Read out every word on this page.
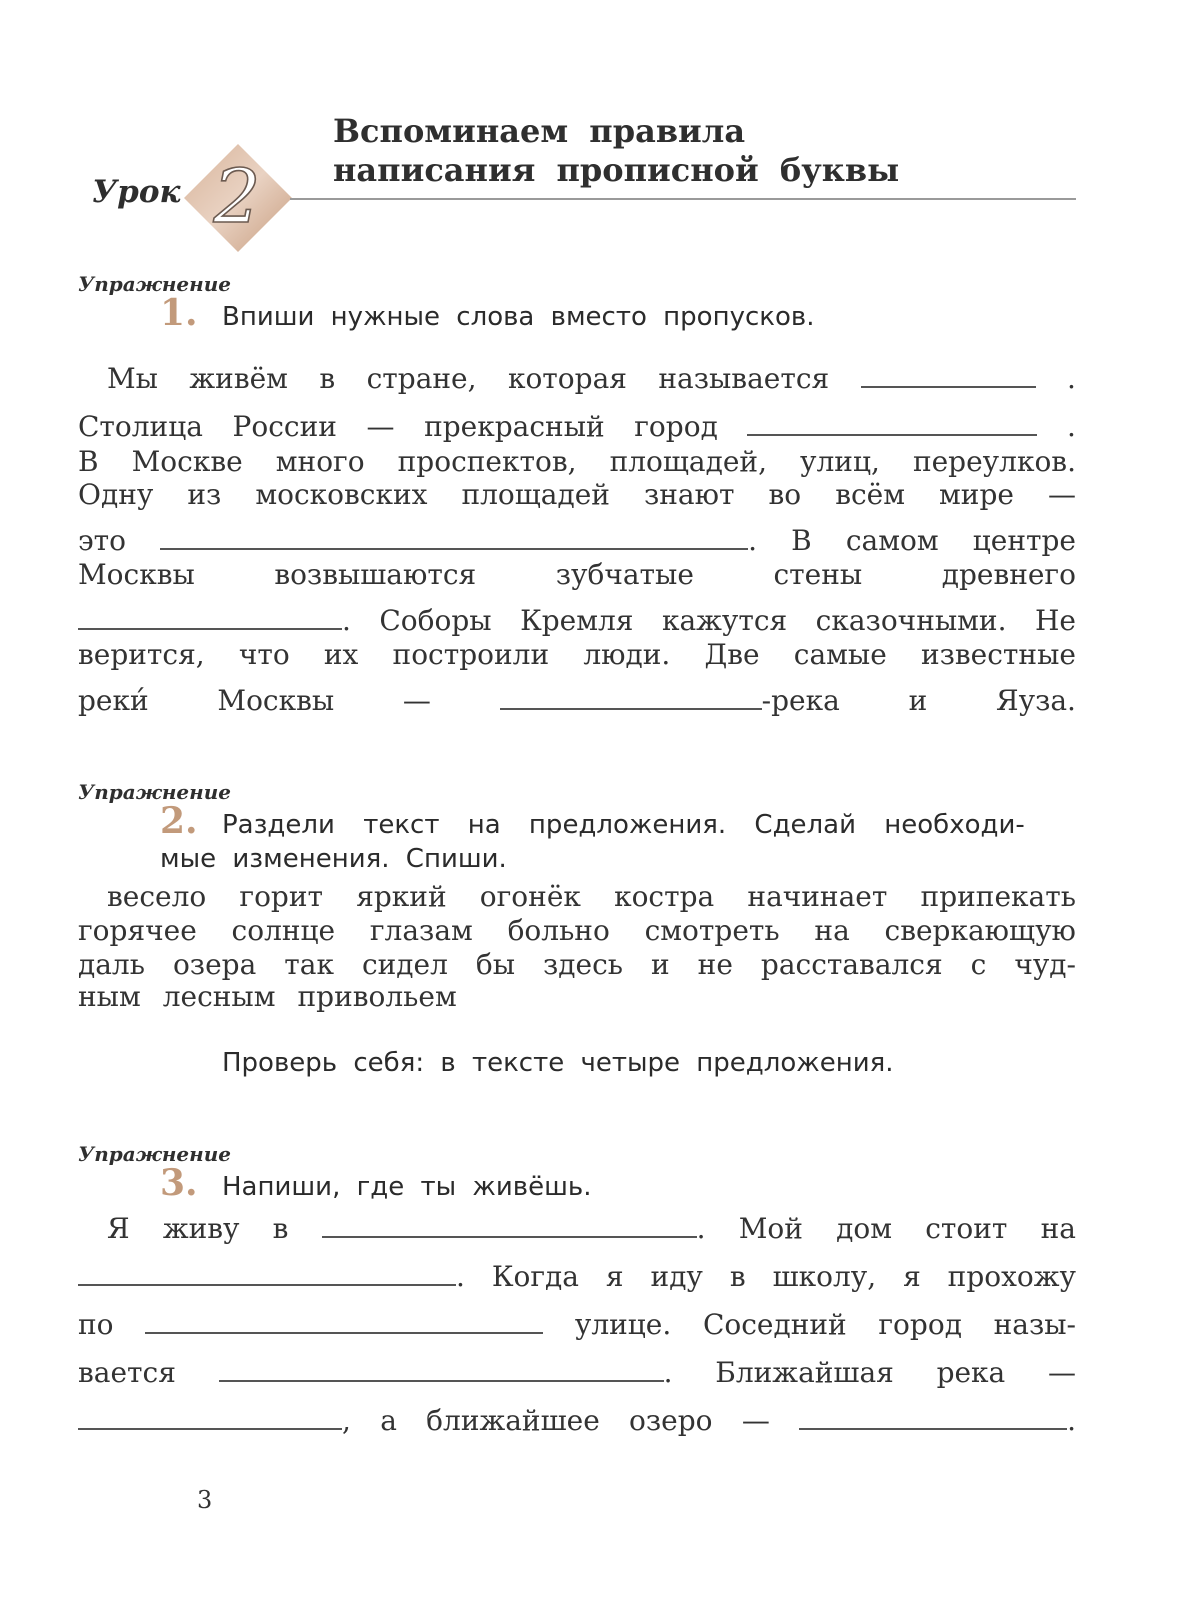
Урок 2
Вспоминаем правила
написания прописной буквы
Упражнение
1. Впиши нужные слова вместо пропусков.
Мы живём в стране, которая называется	.
Столица России — прекрасный город	.
В Москве много проспектов, площадей, улиц, переулков.
Одну из московских площадей знают во всём мире —
это	. В самом центре
Москвы	возвышаются	зубчатые	стены	древнего
. Соборы Кремля кажутся сказочными. Не
верится, что их построили люди. Две самые известные
реки́ Москвы —	-река и Яуза.
Упражнение
2. Раздели текст на предложения. Сделай необходи-
мые изменения. Спиши.
весело горит яркий огонёк костра начинает припекать
горячее солнце глазам больно смотреть на сверкающую
даль озера так сидел бы здесь и не расставался с чуд-
ным лесным привольем
Проверь себя: в тексте четыре предложения.
Упражнение
3. Напиши, где ты живёшь.
Я живу в	. Мой дом стоит на
. Когда я иду в школу, я прохожу
по	улице. Соседний город назы-
вается	. Ближайшая река —
, а ближайшее озеро —	.
3
